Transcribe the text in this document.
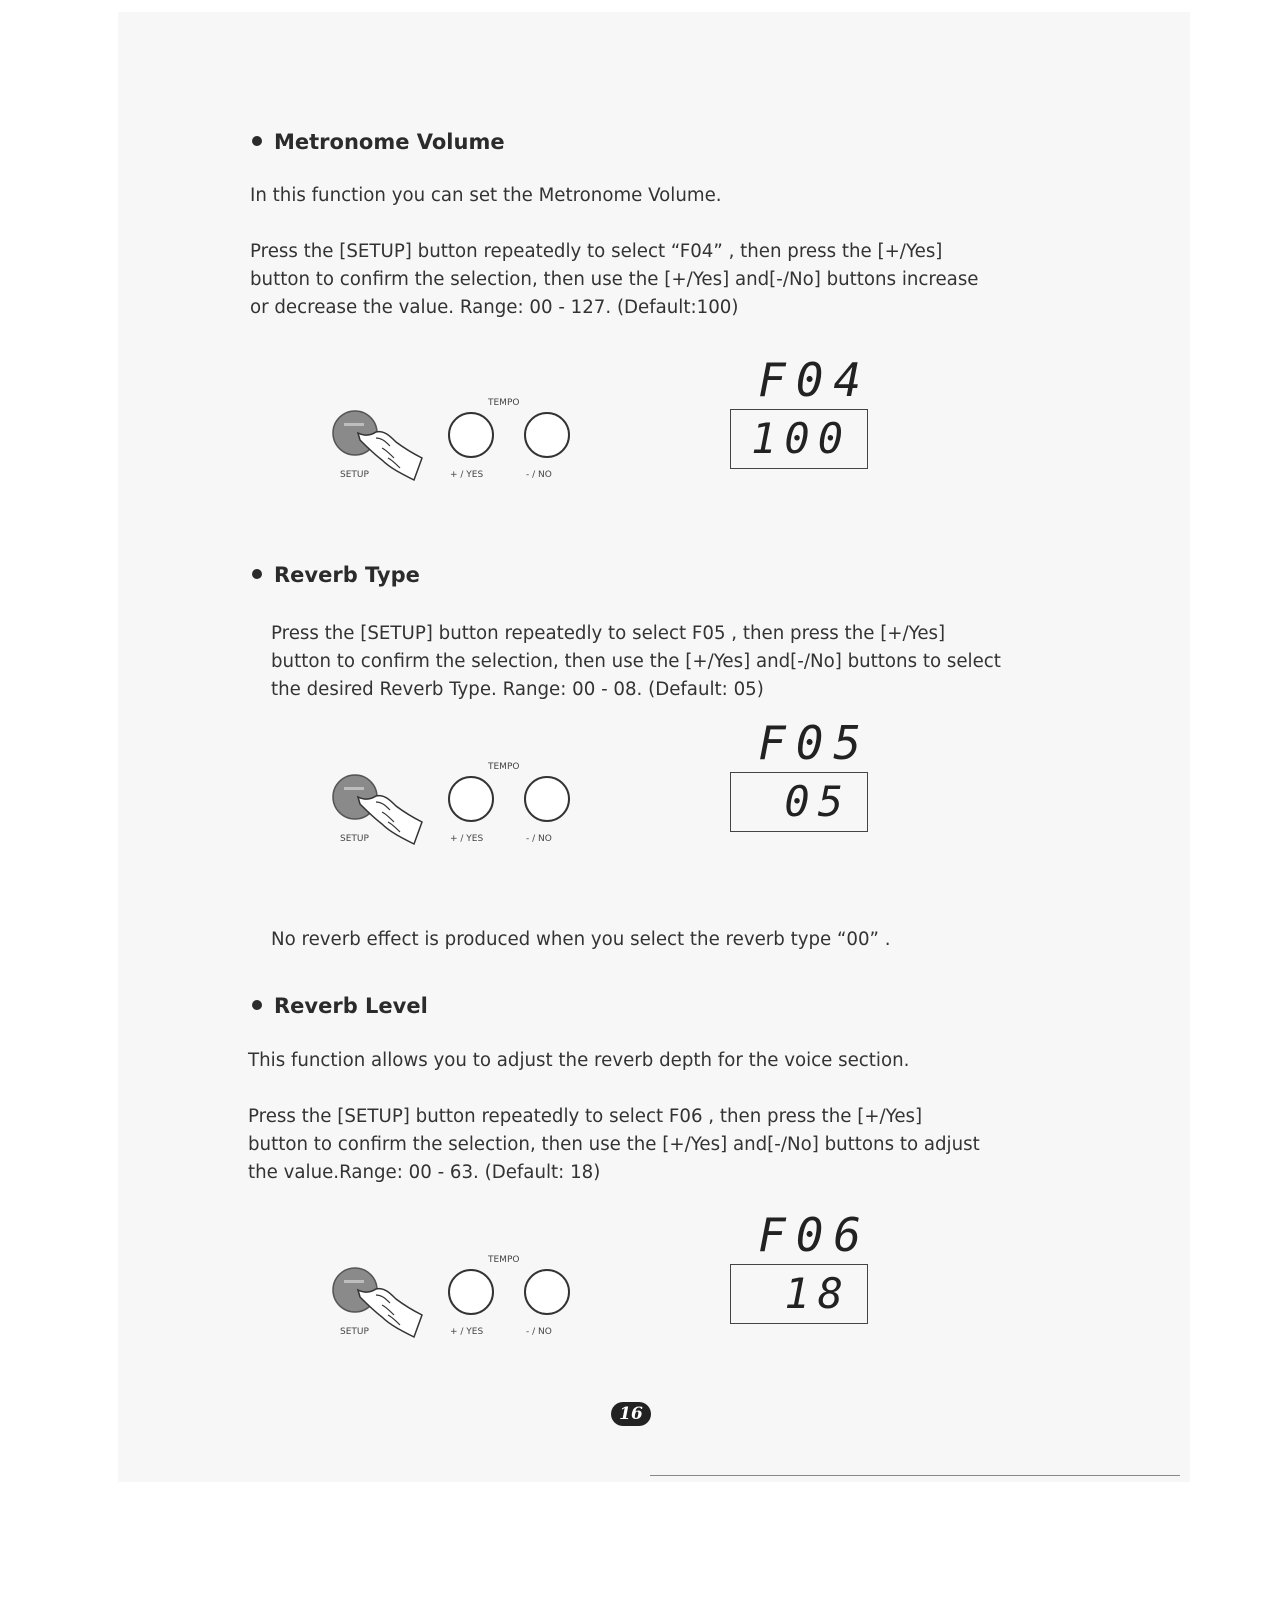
Metronome Volume

In this function you can set the Metronome Volume.

Press the [SETUP] button repeatedly to select “F04” , then press the [+/Yes]
button to confirm the selection, then use the [+/Yes] and[-/No] buttons increase
or decrease the value. Range: 00 - 127. (Default:100)

TEMPO
SETUP	+ / YES	- / NO
F04
100
Reverb Type

Press the [SETUP] button repeatedly to select F05 , then press the [+/Yes]
button to confirm the selection, then use the [+/Yes] and[-/No] buttons to select
the desired Reverb Type. Range: 00 - 08. (Default: 05)

TEMPO
SETUP	+ / YES	- / NO
F05
05

No reverb effect is produced when you select the reverb type “00” .

Reverb Level

This function allows you to adjust the reverb depth for the voice section.

Press the [SETUP] button repeatedly to select F06 , then press the [+/Yes]
button to confirm the selection, then use the [+/Yes] and[-/No] buttons to adjust
the value.Range: 00 - 63. (Default: 18)

TEMPO
SETUP	+ / YES	- / NO
F06
18
16
